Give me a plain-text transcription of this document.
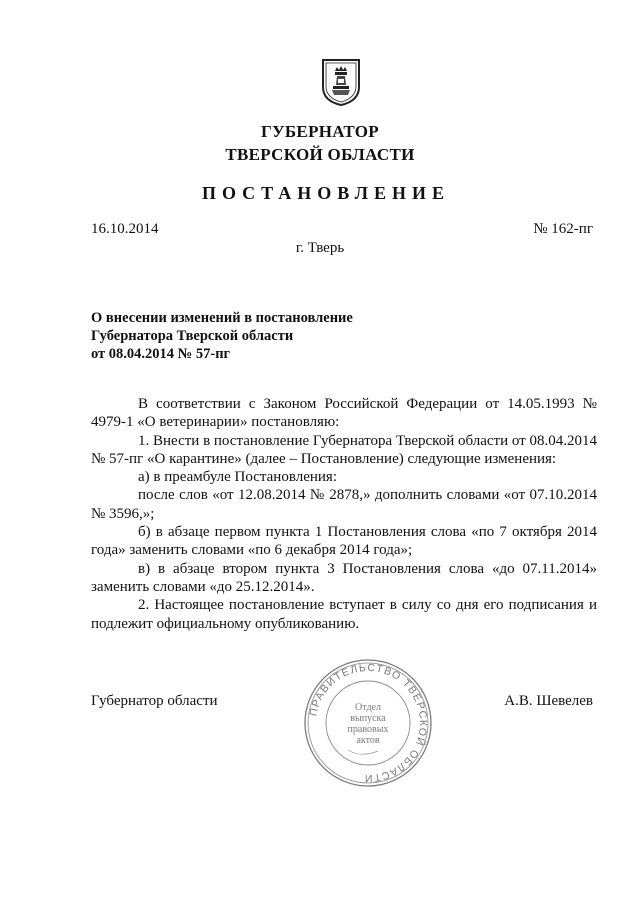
ГУБЕРНАТОР
ТВЕРСКОЙ ОБЛАСТИ
ПОСТАНОВЛЕНИЕ
16.10.2014	№ 162-пг
г. Тверь
О внесении изменений в постановление
Губернатора Тверской области
от 08.04.2014 № 57-пг

В соответствии с Законом Российской Федерации от 14.05.1993 № 4979-1 «О ветеринарии» постановляю:

1. Внести в постановление Губернатора Тверской области от 08.04.2014 № 57-пг «О карантине» (далее – Постановление) следующие изменения:

а) в преамбуле Постановления:

после слов «от 12.08.2014 № 2878,» дополнить словами «от 07.10.2014 № 3596,»;

б) в абзаце первом пункта 1 Постановления слова «по 7 октября 2014 года» заменить словами «по 6 декабря 2014 года»;

в) в абзаце втором пункта 3 Постановления слова «до 07.11.2014» заменить словами «до 25.12.2014».

2. Настоящее постановление вступает в силу со дня его подписания и подлежит официальному опубликованию.

Губернатор области	А.В. Шевелев
ПРАВИТЕЛЬСТВО ТВЕРСКОЙ ОБЛАСТИ
Отдел
выпуска
правовых
актов
